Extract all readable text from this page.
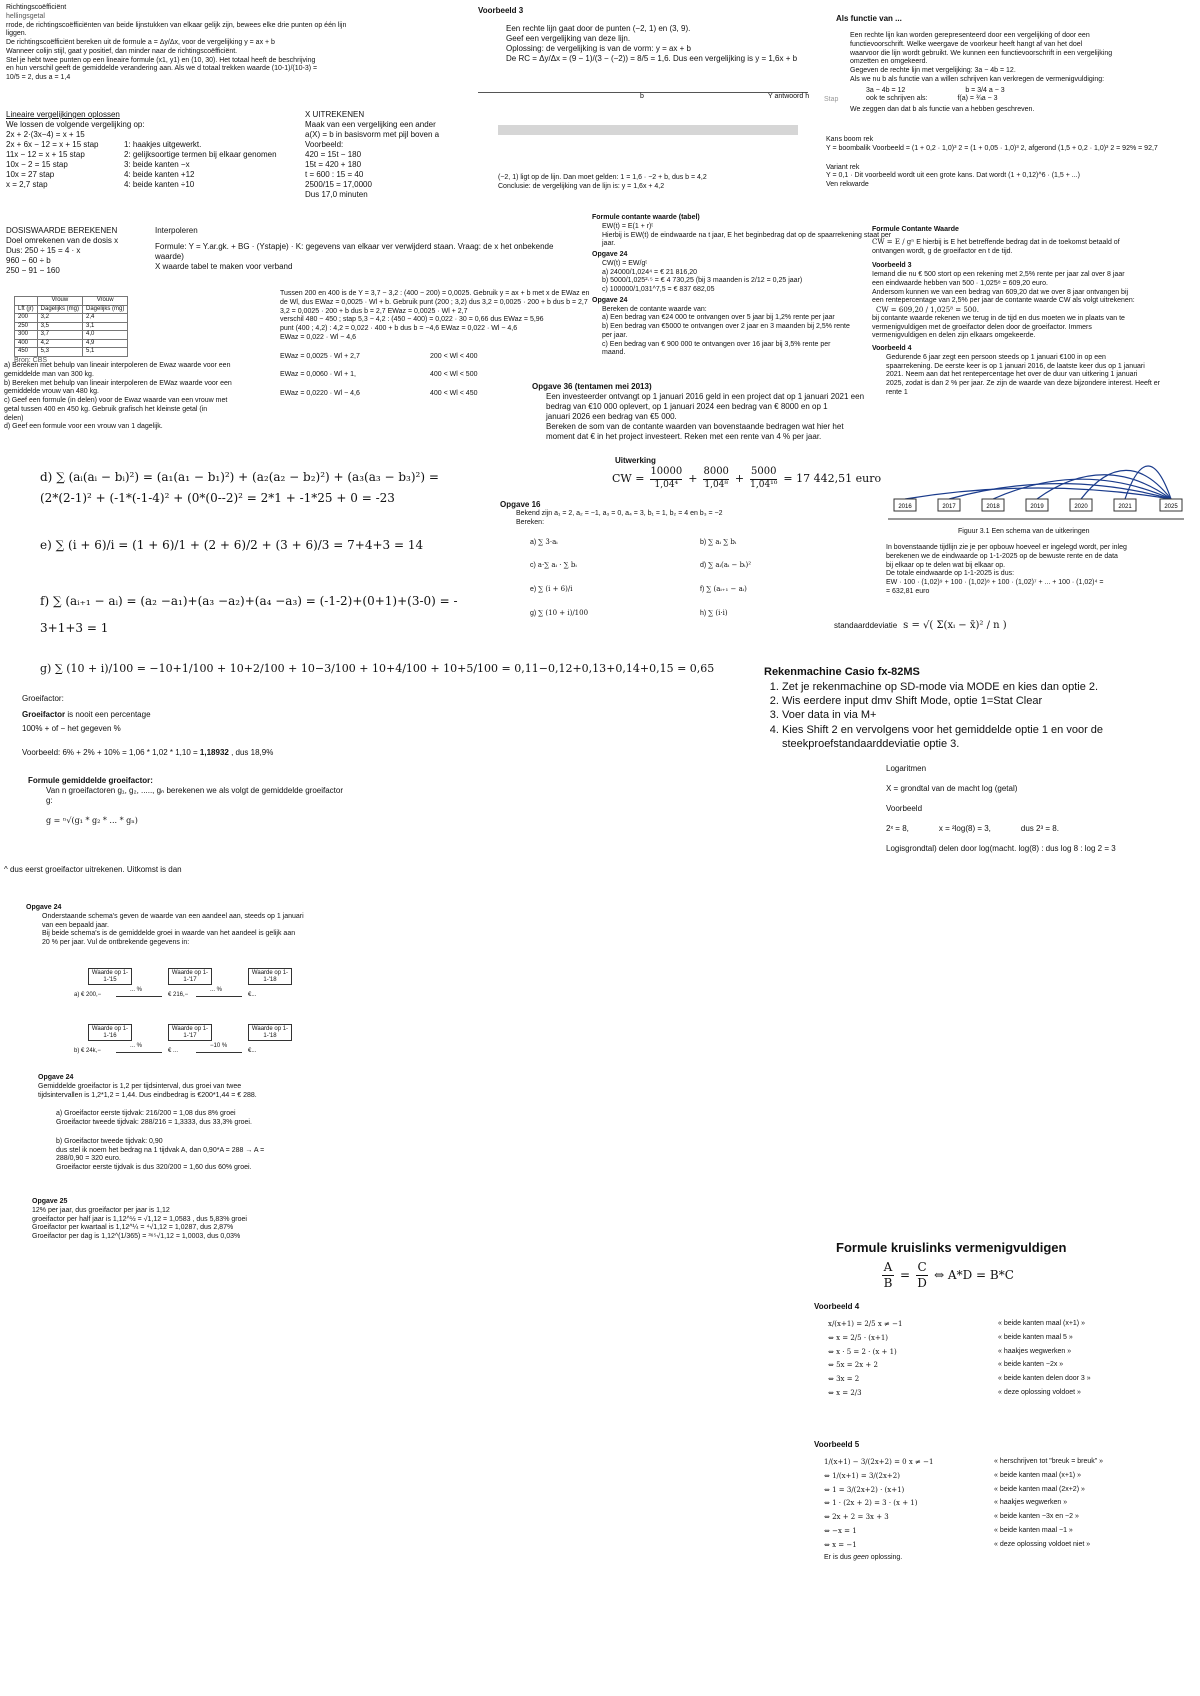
Richtingscoëfficiënt
hellingsgetal
rrode, de richtingscoëfficiënten van beide lijnstukken van elkaar gelijk zijn, bewees elke drie punten op één lijn
liggen.
De richtingscoëfficiënt bereken uit de formule a = Δy/Δx, voor de vergelijking y = ax + b
Wanneer colijn stijl, gaat y positief, dan minder naar de richtingscoëfficiënt.
Stel je hebt twee punten op een lineaire formule (x1, y1) en (10, 30). Het totaal heeft de beschrijving
en hun verschil geeft de gemiddelde verandering aan. Als we d totaal trekken waarde (10-1)/(10-3) =
10/5 = 2, dus a = 1,4
Lineaire vergelijkingen oplossen
We lossen de volgende vergelijking op:
2x + 2·(3x−4) = x + 15
2x + 6x − 12 = x + 15 stap	1: haakjes uitgewerkt.
11x − 12 = x + 15 stap	2: gelijksoortige termen bij elkaar genomen
10x − 2 = 15 stap	3: beide kanten −x
10x = 27 stap	4: beide kanten +12
x = 2,7 stap	4: beide kanten ÷10
X UITREKENEN
Maak van een vergelijking een ander
a(X) = b in basisvorm met pijl boven a
Voorbeeld:
420 = 15t − 180
15t = 420 + 180
t = 600 : 15 = 40
2500/15 = 17,0000
Dus 17,0 minuten
DOSISWAARDE BEREKENEN
Doel omrekenen van de dosis x
Dus: 250 ÷ 15 = 4 · x
960 − 60 ÷ b
250 − 91 − 160
Interpoleren
Formule: Y = Y.ar.gk. + BG · (Ystapje) · K: gegevens van elkaar ver verwijderd staan. Vraag: de x het onbekende
waarde)
X waarde tabel te maken voor verband
	Vrouw	Vrouw
Lft (jr)	Dagelijks (mg)	Dagelijks (mg)
200	3,2	2,4
250	3,5	3,1
300	3,7	4,0
400	4,2	4,9
450	5,3	5,1
Bron: CBS
a) Bereken met behulp van lineair interpoleren de Ewaz waarde voor een
gemiddelde man van 300 kg.
b) Bereken met behulp van lineair interpoleren de EWaz waarde voor een
gemiddelde vrouw van 480 kg.
c) Geef een formule (in delen) voor de Ewaz waarde van een vrouw met
getal tussen 400 en 450 kg. Gebruik grafisch het kleinste getal (in
delen)
d) Geef een formule voor een vrouw van 1 dagelijk.
Tussen 200 en 400 is de Y = 3,7 − 3,2 : (400 − 200) = 0,0025. Gebruik y = ax + b met x de EWaz en
de Wl, dus EWaz = 0,0025 · Wl + b. Gebruik punt (200 ; 3,2) dus 3,2 = 0,0025 · 200 + b dus b = 2,7
3,2 = 0,0025 · 200 + b dus b = 2,7 EWaz = 0,0025 · Wl + 2,7
verschil 480 − 450 ; stap 5,3 − 4,2 : (450 − 400) = 0,022 · 30 = 0,66 dus EWaz = 5,96
punt (400 ; 4,2) : 4,2 = 0,022 · 400 + b dus b = −4,6 EWaz = 0,022 · Wl − 4,6
EWaz = 0,022 · Wl − 4,6
EWaz = 0,0025 · Wl + 2,7	200 < Wl < 400
EWaz = 0,0060 · Wl + 1,	400 < Wl < 500
EWaz = 0,0220 · Wl − 4,6	400 < Wl < 450
Voorbeeld 3
Een rechte lijn gaat door de punten (−2, 1) en (3, 9).
Geef een vergelijking van deze lijn.
Oplossing: de vergelijking is van de vorm: y = ax + b
De RC = Δy/Δx = (9 − 1)/(3 − (−2)) = 8/5 = 1,6. Dus een vergelijking is y = 1,6x + b
b	Y antwoord h
(−2, 1) ligt op de lijn. Dan moet gelden: 1 = 1,6 · −2 + b, dus b = 4,2
Conclusie: de vergelijking van de lijn is: y = 1,6x + 4,2
Als functie van ...
Een rechte lijn kan worden gerepresenteerd door een vergelijking of door een
functievoorschrift. Welke weergave de voorkeur heeft hangt af van het doel
waarvoor die lijn wordt gebruikt. We kunnen een functievoorschrift in een vergelijking
omzetten en omgekeerd.
Gegeven de rechte lijn met vergelijking: 3a − 4b = 12.
Als we nu b als functie van a willen schrijven kan verkregen de vermenigvuldiging:
3a − 4b = 12	b = 3/4 a − 3
ook te schrijven als:	f(a) = ¾a − 3
We zeggen dan dat b als functie van a hebben geschreven.
Stap
Kans boom rek
Y = boombalik Voorbeeld = (1 + 0,2 · 1,0)³ 2 = (1 + 0,05 · 1,0)³ 2, afgerond (1,5 + 0,2 · 1,0)³ 2 = 92% = 92,7
Variant rek
Y = 0,1 · Dit voorbeeld wordt uit een grote kans. Dat wordt (1 + 0,12)^6 · (1,5 + ...)
Ven rekwarde
Formule contante waarde (tabel)
EW(t) = E(1 + r)ᵗ
Hierbij is EW(t) de eindwaarde na t jaar, E het beginbedrag dat op de spaarrekening staat per
jaar.
Opgave 24
CW(t) = EW/gᵗ
a) 24000/1,024⁴ = € 21 816,20
b) 5000/1,025²·⁵ = € 4 730,25 (bij 3 maanden is 2/12 = 0,25 jaar)
c) 100000/1,031^7,5 = € 837 682,05
Opgave 24
Bereken de contante waarde van:
a) Een bedrag van €24 000 te ontvangen over 5 jaar bij 1,2% rente per jaar
b) Een bedrag van €5000 te ontvangen over 2 jaar en 3 maanden bij 2,5% rente
per jaar.
c) Een bedrag van € 900 000 te ontvangen over 16 jaar bij 3,5% rente per
maand.
Opgave 36 (tentamen mei 2013)
Een investeerder ontvangt op 1 januari 2016 geld in een project dat op 1 januari 2021 een
bedrag van €10 000 oplevert, op 1 januari 2024 een bedrag van € 8000 en op 1
januari 2026 een bedrag van €5 000.
Bereken de som van de contante waarden van bovenstaande bedragen wat hier het
moment dat € in het project investeert. Reken met een rente van 4 % per jaar.
Uitwerking
CW = 10000
1,04⁴ + 8000
1,04⁸ + 5000
1,04¹⁰ = 17 442,51 euro
Formule Contante Waarde
CW = E / gⁿ E hierbij is E het betreffende bedrag dat in de toekomst betaald of
ontvangen wordt, g de groeifactor en t de tijd.
Voorbeeld 3
Iemand die nu € 500 stort op een rekening met 2,5% rente per jaar zal over 8 jaar
een eindwaarde hebben van 500 · 1,025⁸ = 609,20 euro.
Andersom kunnen we van een bedrag van 609,20 dat we over 8 jaar ontvangen bij
een rentepercentage van 2,5% per jaar de contante waarde CW als volgt uitrekenen:
CW = 609,20 / 1,025⁸ = 500.
bij contante waarde rekenen we terug in de tijd en dus moeten we in plaats van te
vermenigvuldigen met de groeifactor delen door de groeifactor. Immers
vermenigvuldigen en delen zijn elkaars omgekeerde.
Voorbeeld 4
Gedurende 6 jaar zegt een persoon steeds op 1 januari €100 in op een
spaarrekening. De eerste keer is op 1 januari 2016, de laatste keer dus op 1 januari
2021. Neem aan dat het rentepercentage het over de duur van uitkering 1 januari
2025, zodat is dan 2 % per jaar. Ze zijn de waarde van deze bijzondere interest. Heeft er
rente 1
2016	2017	2018	2019	2020	2021	2025
Figuur 3.1 Een schema van de uitkeringen
In bovenstaande tijdlijn zie je per opbouw hoeveel er ingelegd wordt, per inleg
berekenen we de eindwaarde op 1-1-2025 op de bewuste rente en de data
bij elkaar op te delen wat bij elkaar op.
De totale eindwaarde op 1-1-2025 is dus:
EW · 100 · (1,02)⁹ + 100 · (1,02)⁸ + 100 · (1,02)⁷ + ... + 100 · (1,02)⁴ =
= 632,81 euro
standaarddeviatie s = √( Σ(xᵢ − x̄)² / n )
Opgave 16
Bekend zijn a₁ = 2, a₂ = −1, a₃ = 0, a₄ = 3, b₁ = 1, b₂ = 4 en b₃ = −2
Bereken:
a) ∑ 3·aᵢ	b) ∑ aᵢ ∑ bᵢ
c) a·∑ aᵢ · ∑ bᵢ	d) ∑ aᵢ(aᵢ − bᵢ)²
e) ∑ (i + 6)/i	f) ∑ (aᵢ₊₁ − aᵢ)
g) ∑ (10 + i)/100	h) ∑ (i·i)
d) ∑ (aᵢ(aᵢ − bᵢ)²) = (a₁(a₁ − b₁)²) + (a₂(a₂ − b₂)²) + (a₃(a₃ − b₃)²) =
(2*(2-1)² + (-1*(-1-4)² + (0*(0--2)² = 2*1 + -1*25 + 0 = -23
e) ∑ (i + 6)/i = (1 + 6)/1 + (2 + 6)/2 + (3 + 6)/3 = 7+4+3 = 14
f) ∑ (aᵢ₊₁ − aᵢ) = (a₂ −a₁)+(a₃ −a₂)+(a₄ −a₃) = (-1-2)+(0+1)+(3-0) = -
3+1+3 = 1
g) ∑ (10 + i)/100 = −10+1/100 + 10+2/100 + 10−3/100 + 10+4/100 + 10+5/100 = 0,11−0,12+0,13+0,14+0,15 = 0,65	Rekenmachine Casio fx-82MS
1. Zet je rekenmachine op SD-mode via MODE en kies dan optie 2.
2. Wis eerdere input dmv Shift Mode, optie 1=Stat Clear
3. Voer data in via M+
4. Kies Shift 2 en vervolgens voor het gemiddelde optie 1 en voor de steekproefstandaarddeviatie optie 3.
Logaritmen
X = grondtal van de macht log (getal)
Voorbeeld
2ˣ = 8,	x = ²log(8) = 3,	dus 2³ = 8.
Logisgrondtal) delen door log(macht. log(8) : dus log 8 : log 2 = 3
Groeifactor:
Groeifactor is nooit een percentage
100% + of − het gegeven %
Voorbeeld: 6% + 2% + 10% = 1,06 * 1,02 * 1,10 = 1,18932 , dus 18,9%
Formule gemiddelde groeifactor:
Van n groeifactoren g₁, g₂, ....., gₙ berekenen we als volgt de gemiddelde groeifactor
g:
g = ⁿ√(g₁ * g₂ * ... * gₙ)
^ dus eerst groeifactor uitrekenen. Uitkomst is dan
Opgave 24
Onderstaande schema's geven de waarde van een aandeel aan, steeds op 1 januari
van een bepaald jaar.
Bij beide schema's is de gemiddelde groei in waarde van het aandeel is gelijk aan
20 % per jaar. Vul de ontbrekende gegevens in:
Waarde op 1-1-'15
Waarde op 1-1-'17
Waarde op 1-1-'18
a) € 200,−	€ 216,−	€...
... %	... %
Waarde op 1-1-'16
Waarde op 1-1-'17
Waarde op 1-1-'18
b) € 24k,−	€ ...	€...
... %	−10 %
Opgave 24
Gemiddelde groeifactor is 1,2 per tijdsinterval, dus groei van twee
tijdsintervallen is 1,2*1,2 = 1,44. Dus eindbedrag is €200*1,44 = € 288.
a) Groeifactor eerste tijdvak: 216/200 = 1,08 dus 8% groei
Groeifactor tweede tijdvak: 288/216 = 1,3333, dus 33,3% groei.
b) Groeifactor tweede tijdvak: 0,90
dus stel ik noem het bedrag na 1 tijdvak A, dan 0,90*A = 288 → A =
288/0,90 = 320 euro.
Groeifactor eerste tijdvak is dus 320/200 = 1,60 dus 60% groei.
Opgave 25
12% per jaar, dus groeifactor per jaar is 1,12
groeifactor per half jaar is 1,12^½ = √1,12 = 1,0583 , dus 5,83% groei
Groeifactor per kwartaal is 1,12^¼ = ⁴√1,12 = 1,0287, dus 2,87%
Groeifactor per dag is 1,12^(1/365) = ³⁶⁵√1,12 = 1,0003, dus 0,03%
Formule kruislinks vermenigvuldigen
A
B
=
C
D
⇔ A*D = B*C
Voorbeeld 4
x/(x+1) = 2/5 x ≠ −1	« beide kanten maal (x+1) »
⇔ x = 2/5 · (x+1)	« beide kanten maal 5 »
⇔ x · 5 = 2 · (x + 1)	« haakjes wegwerken »
⇔ 5x = 2x + 2	« beide kanten −2x »
⇔ 3x = 2	« beide kanten delen door 3 »
⇔ x = 2/3	« deze oplossing voldoet »
Voorbeeld 5
1/(x+1) − 3/(2x+2) = 0 x ≠ −1	« herschrijven tot "breuk = breuk" »
⇔ 1/(x+1) = 3/(2x+2)	« beide kanten maal (x+1) »
⇔ 1 = 3/(2x+2) · (x+1)	« beide kanten maal (2x+2) »
⇔ 1 · (2x + 2) = 3 · (x + 1)	« haakjes wegwerken »
⇔ 2x + 2 = 3x + 3	« beide kanten −3x en −2 »
⇔ −x = 1	« beide kanten maal −1 »
⇔ x = −1	« deze oplossing voldoet niet »
Er is dus geen oplossing.
